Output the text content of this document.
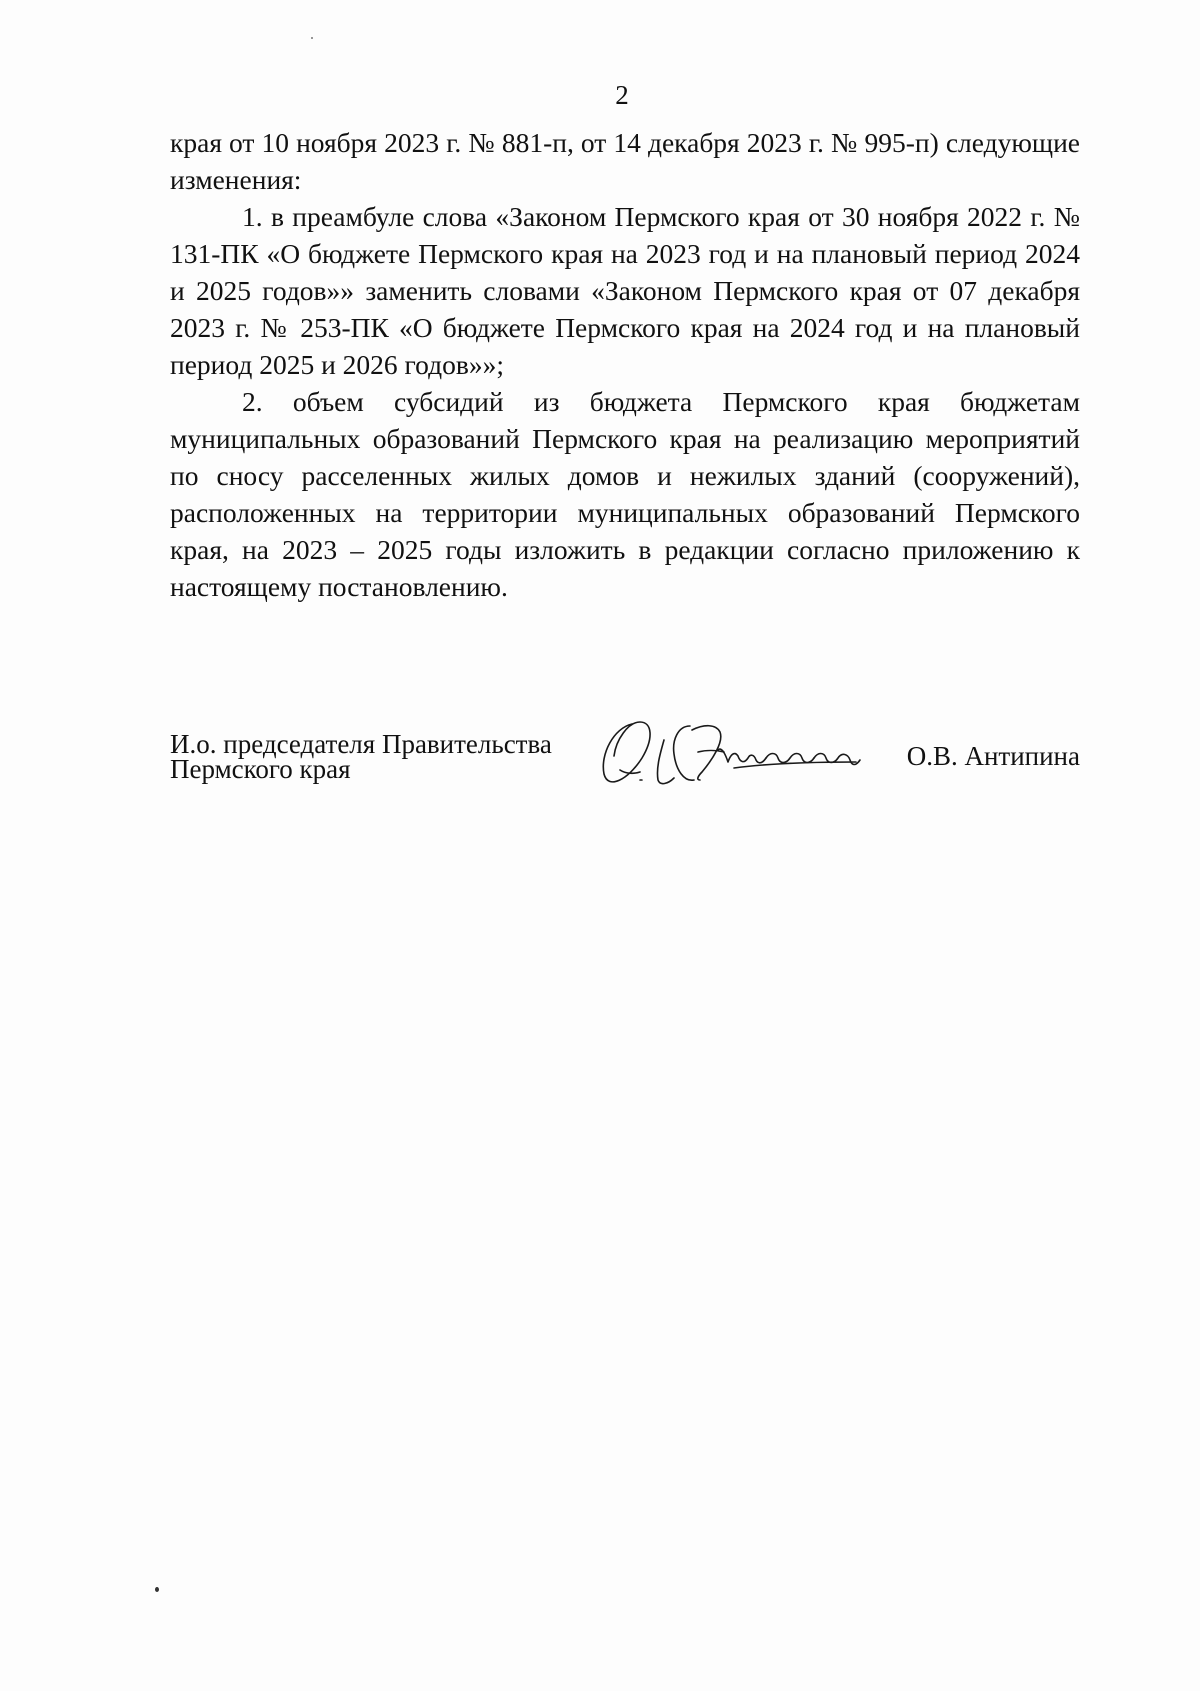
2

края от 10 ноября 2023 г. № 881-п, от 14 декабря 2023 г. № 995-п) следующие изменения:

1. в преамбуле слова «Законом Пермского края от 30 ноября 2022 г. № 131-ПК «О бюджете Пермского края на 2023 год и на плановый период 2024 и 2025 годов»» заменить словами «Законом Пермского края от 07 декабря 2023 г. № 253-ПК «О бюджете Пермского края на 2024 год и на плановый период 2025 и 2026 годов»»;

2. объем субсидий из бюджета Пермского края бюджетам муниципальных образований Пермского края на реализацию мероприятий по сносу расселенных жилых домов и нежилых зданий (сооружений), расположенных на территории муниципальных образований Пермского края, на 2023 – 2025 годы изложить в редакции согласно приложению к настоящему постановлению.

И.о. председателя Правительства
Пермского края	О.В. Антипина
